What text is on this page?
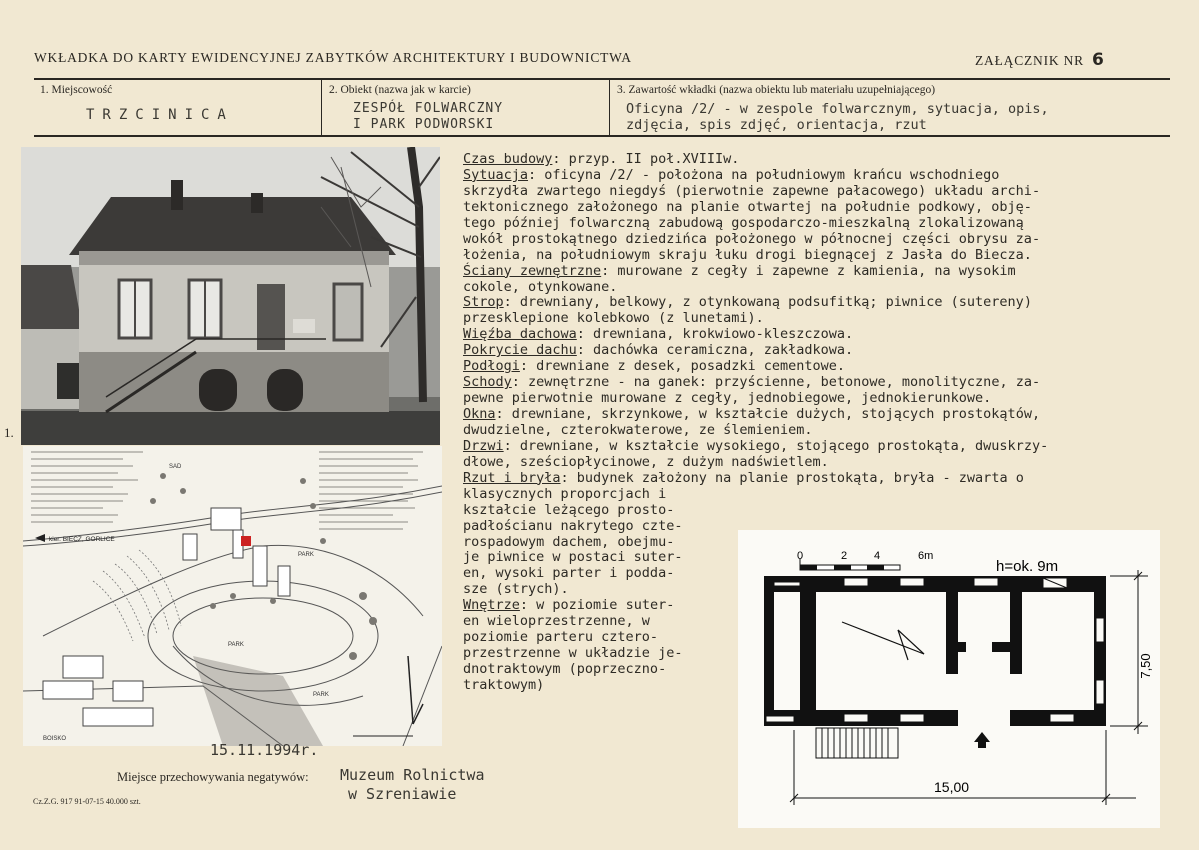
WKŁADKA DO KARTY EWIDENCYJNEJ ZABYTKÓW ARCHITEKTURY I BUDOWNICTWA	ZAŁĄCZNIK NR 6
1. Miejscowość
TRZCINICA
2. Obiekt (nazwa jak w karcie)
ZESPÓŁ FOLWARCZNY
I PARK PODWORSKI
3. Zawartość wkładki (nazwa obiektu lub materiału uzupełniającego)
Oficyna /2/ - w zespole folwarcznym, sytuacja, opis,
zdjęcia, spis zdjęć, orientacja, rzut
1.
kier. BIECZ, GORLICE
SAD
PARK
PARK
PARK
BOISKO
15.11.1994r.
Czas budowy: przyp. II poł.XVIIIw.
Sytuacja: oficyna /2/ - położona na południowym krańcu wschodniego
skrzydła zwartego niegdyś (pierwotnie zapewne pałacowego) układu archi-
tektonicznego założonego na planie otwartej na południe podkowy, obję-
tego później folwarczną zabudową gospodarczo-mieszkalną zlokalizowaną
wokół prostokątnego dziedzińca położonego w północnej części obrysu za-
łożenia, na południowym skraju łuku drogi biegnącej z Jasła do Biecza.
Ściany zewnętrzne: murowane z cegły i zapewne z kamienia, na wysokim
cokole, otynkowane.
Strop: drewniany, belkowy, z otynkowaną podsufitką; piwnice (sutereny)
przesklepione kolebkowo (z lunetami).
Więźba dachowa: drewniana, krokwiowo-kleszczowa.
Pokrycie dachu: dachówka ceramiczna, zakładkowa.
Podłogi: drewniane z desek, posadzki cementowe.
Schody: zewnętrzne - na ganek: przyścienne, betonowe, monolityczne, za-
pewne pierwotnie murowane z cegły, jednobiegowe, jednokierunkowe.
Okna: drewniane, skrzynkowe, w kształcie dużych, stojących prostokątów,
dwudzielne, czterokwaterowe, ze ślemieniem.
Drzwi: drewniane, w kształcie wysokiego, stojącego prostokąta, dwuskrzy-
dłowe, sześciopłycinowe, z dużym nadświetlem.
Rzut i bryła: budynek założony na planie prostokąta, bryła - zwarta o
klasycznych proporcjach i
kształcie leżącego prosto-
padłościanu nakrytego czte-
rospadowym dachem, obejmu-
je piwnice w postaci suter-
en, wysoki parter i podda-
sze (strych).
Wnętrze: w poziomie suter-
en wieloprzestrzenne, w
poziomie parteru cztero-
przestrzenne w układzie je-
dnotraktowym (poprzeczno-
traktowym)
0	2 4	6m
h=ok. 9m
15,00
7,50
Miejsce przechowywania negatywów: Muzeum Rolnictwa
w Szreniawie
Cz.Z.G. 917 91-07-15 40.000 szt.
